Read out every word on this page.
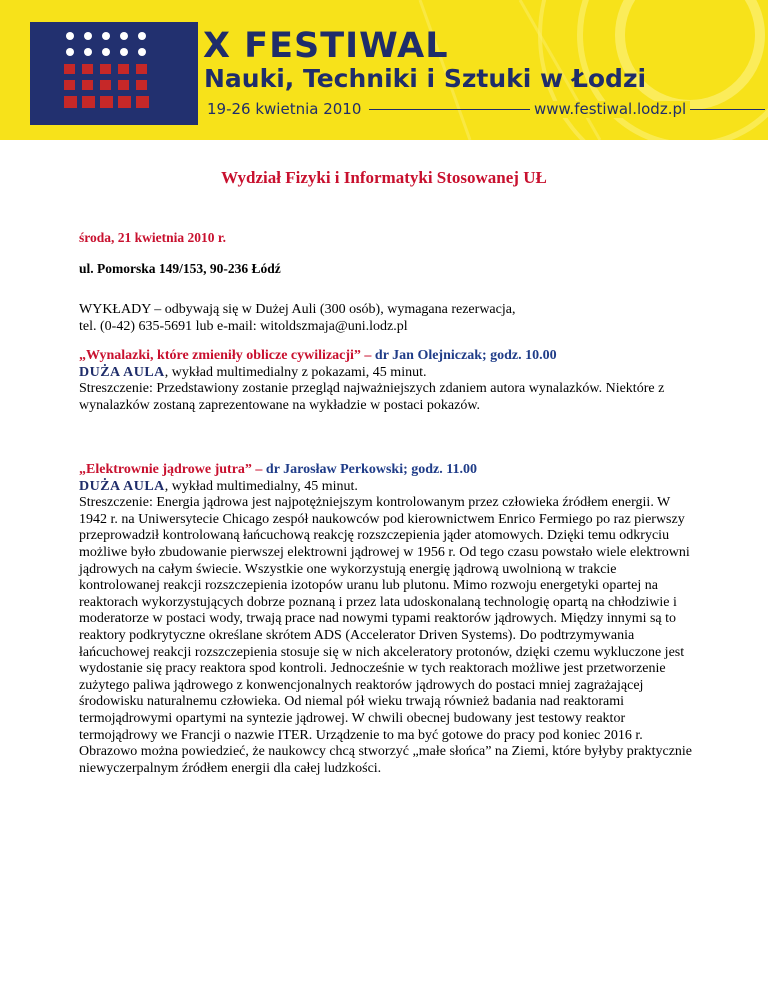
X FESTIWAL
Nauki, Techniki i Sztuki w Łodzi
19-26 kwietnia 2010	www.festiwal.lodz.pl
Wydział Fizyki i Informatyki Stosowanej UŁ

środa, 21 kwietnia 2010 r.

ul. Pomorska 149/153, 90-236 Łódź

WYKŁADY – odbywają się w Dużej Auli (300 osób), wymagana rezerwacja,

tel. (0-42) 635-5691 lub e-mail: witoldszmaja@uni.lodz.pl

„Wynalazki, które zmieniły oblicze cywilizacji” – dr Jan Olejniczak; godz. 10.00

DUŻA AULA, wykład multimedialny z pokazami, 45 minut.

Streszczenie: Przedstawiony zostanie przegląd najważniejszych zdaniem autora wynalazków. Niektóre z wynalazków zostaną zaprezentowane na wykładzie w postaci pokazów.

„Elektrownie jądrowe jutra” – dr Jarosław Perkowski; godz. 11.00

DUŻA AULA, wykład multimedialny, 45 minut.

Streszczenie: Energia jądrowa jest najpotężniejszym kontrolowanym przez człowieka źródłem energii. W 1942 r. na Uniwersytecie Chicago zespół naukowców pod kierownictwem Enrico Fermiego po raz pierwszy przeprowadził kontrolowaną łańcuchową reakcję rozszczepienia jąder atomowych. Dzięki temu odkryciu możliwe było zbudowanie pierwszej elektrowni jądrowej w 1956 r. Od tego czasu powstało wiele elektrowni jądrowych na całym świecie. Wszystkie one wykorzystują energię jądrową uwolnioną w trakcie kontrolowanej reakcji rozszczepienia izotopów uranu lub plutonu. Mimo rozwoju energetyki opartej na reaktorach wykorzystujących dobrze poznaną i przez lata udoskonalaną technologię opartą na chłodziwie i moderatorze w postaci wody, trwają prace nad nowymi typami reaktorów jądrowych. Między innymi są to reaktory podkrytyczne określane skrótem ADS (Accelerator Driven Systems). Do podtrzymywania łańcuchowej reakcji rozszczepienia stosuje się w nich akceleratory protonów, dzięki czemu wykluczone jest wydostanie się pracy reaktora spod kontroli. Jednocześnie w tych reaktorach możliwe jest przetworzenie zużytego paliwa jądrowego z konwencjonalnych reaktorów jądrowych do postaci mniej zagrażającej środowisku naturalnemu człowieka. Od niemal pół wieku trwają również badania nad reaktorami termojądrowymi opartymi na syntezie jądrowej. W chwili obecnej budowany jest testowy reaktor termojądrowy we Francji o nazwie ITER. Urządzenie to ma być gotowe do pracy pod koniec 2016 r. Obrazowo można powiedzieć, że naukowcy chcą stworzyć „małe słońca” na Ziemi, które byłyby praktycznie niewyczerpalnym źródłem energii dla całej ludzkości.
